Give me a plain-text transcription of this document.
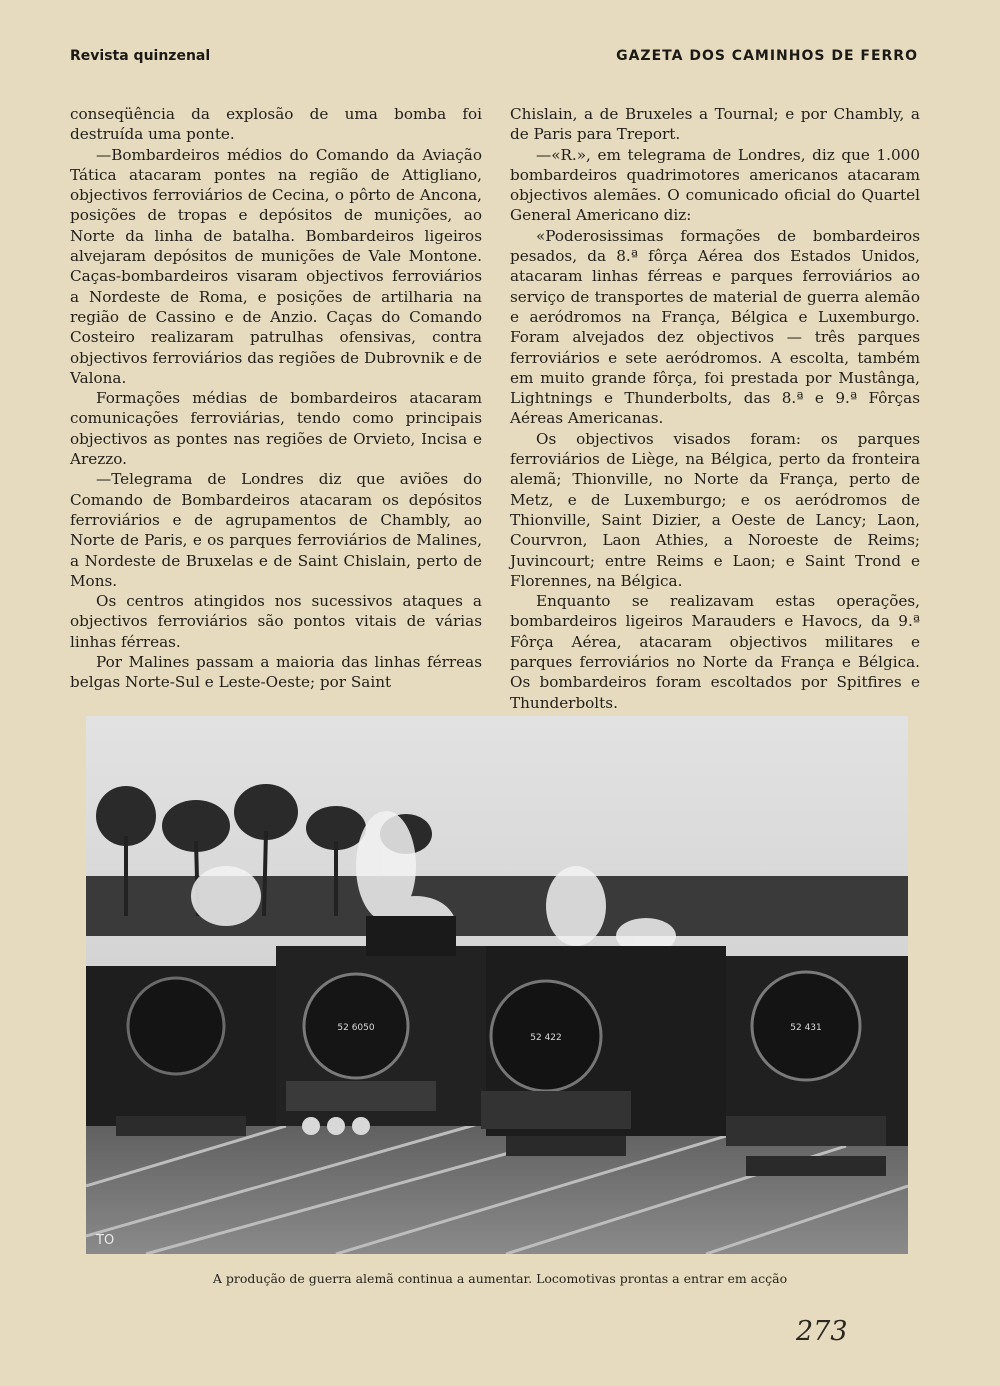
Revista quinzenal	GAZETA DOS CAMINHOS DE FERRO

conseqüência da explosão de uma bomba foi destruída uma ponte.

—Bombardeiros médios do Comando da Aviação Tática atacaram pontes na região de Attigliano, objectivos ferroviários de Cecina, o pôrto de Ancona, posições de tropas e depósitos de munições, ao Norte da linha de batalha. Bombardeiros ligeiros alvejaram depósitos de munições de Vale Montone. Caças-bombardeiros visaram objectivos ferroviários a Nordeste de Roma, e posições de artilharia na região de Cassino e de Anzio. Caças do Comando Costeiro realizaram patrulhas ofensivas, contra objectivos ferroviários das regiões de Dubrovnik e de Valona.

Formações médias de bombardeiros atacaram comunicações ferroviárias, tendo como principais objectivos as pontes nas regiões de Orvieto, Incisa e Arezzo.

—Telegrama de Londres diz que aviões do Comando de Bombardeiros atacaram os depósitos ferroviários e de agrupamentos de Chambly, ao Norte de Paris, e os parques ferroviários de Malines, a Nordeste de Bruxelas e de Saint Chislain, perto de Mons.

Os centros atingidos nos sucessivos ataques a objectivos ferroviários são pontos vitais de várias linhas férreas.

Por Malines passam a maioria das linhas férreas belgas Norte-Sul e Leste-Oeste; por Saint

Chislain, a de Bruxeles a Tournal; e por Chambly, a de Paris para Treport.

—«R.», em telegrama de Londres, diz que 1.000 bombardeiros quadrimotores americanos atacaram objectivos alemães. O comunicado oficial do Quartel General Americano diz:

«Poderosissimas formações de bombardeiros pesados, da 8.ª fôrça Aérea dos Estados Unidos, atacaram linhas férreas e parques ferroviários ao serviço de transportes de material de guerra alemão e aeródromos na França, Bélgica e Luxemburgo. Foram alvejados dez objectivos — três parques ferroviários e sete aeródromos. A escolta, também em muito grande fôrça, foi prestada por Mustânga, Lightnings e Thunderbolts, das 8.ª e 9.ª Fôrças Aéreas Americanas.

Os objectivos visados foram: os parques ferroviários de Liège, na Bélgica, perto da fronteira alemã; Thionville, no Norte da França, perto de Metz, e de Luxemburgo; e os aeródromos de Thionville, Saint Dizier, a Oeste de Lancy; Laon, Courvron, Laon Athies, a Noroeste de Reims; Juvincourt; entre Reims e Laon; e Saint Trond e Florennes, na Bélgica.

Enquanto se realizavam estas operações, bombardeiros ligeiros Marauders e Havocs, da 9.ª Fôrça Aérea, atacaram objectivos militares e parques ferroviários no Norte da França e Bélgica. Os bombardeiros foram escoltados por Spitfires e Thunderbolts.

52 6050
52 422
52 431
TO
A produção de guerra alemã continua a aumentar. Locomotivas prontas a entrar em acção
273
